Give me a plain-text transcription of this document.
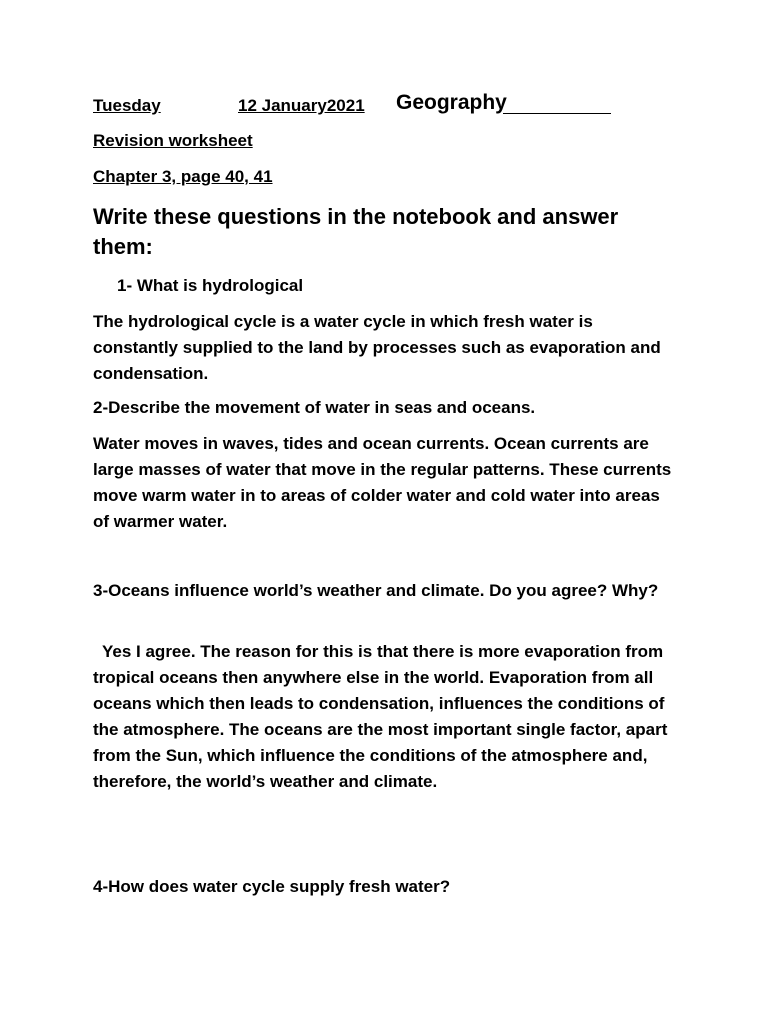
Tuesday	12 January2021 Geography
Revision worksheet
Chapter 3, page 40, 41
Write these questions in the notebook and answer them:
1- What is hydrological
The hydrological cycle is a water cycle in which fresh water is constantly supplied to the land by processes such as evaporation and condensation.
2-Describe the movement of water in seas and oceans.
Water moves in waves, tides and ocean currents. Ocean currents are large masses of water that move in the regular patterns. These currents move warm water in to areas of colder water and cold water into areas of warmer water.
3-Oceans influence world’s weather and climate. Do you agree? Why?
Yes I agree. The reason for this is that there is more evaporation from tropical oceans then anywhere else in the world. Evaporation from all oceans which then leads to condensation, influences the conditions of the atmosphere. The oceans are the most important single factor, apart from the Sun, which influence the conditions of the atmosphere and, therefore, the world’s weather and climate.
4-How does water cycle supply fresh water?
